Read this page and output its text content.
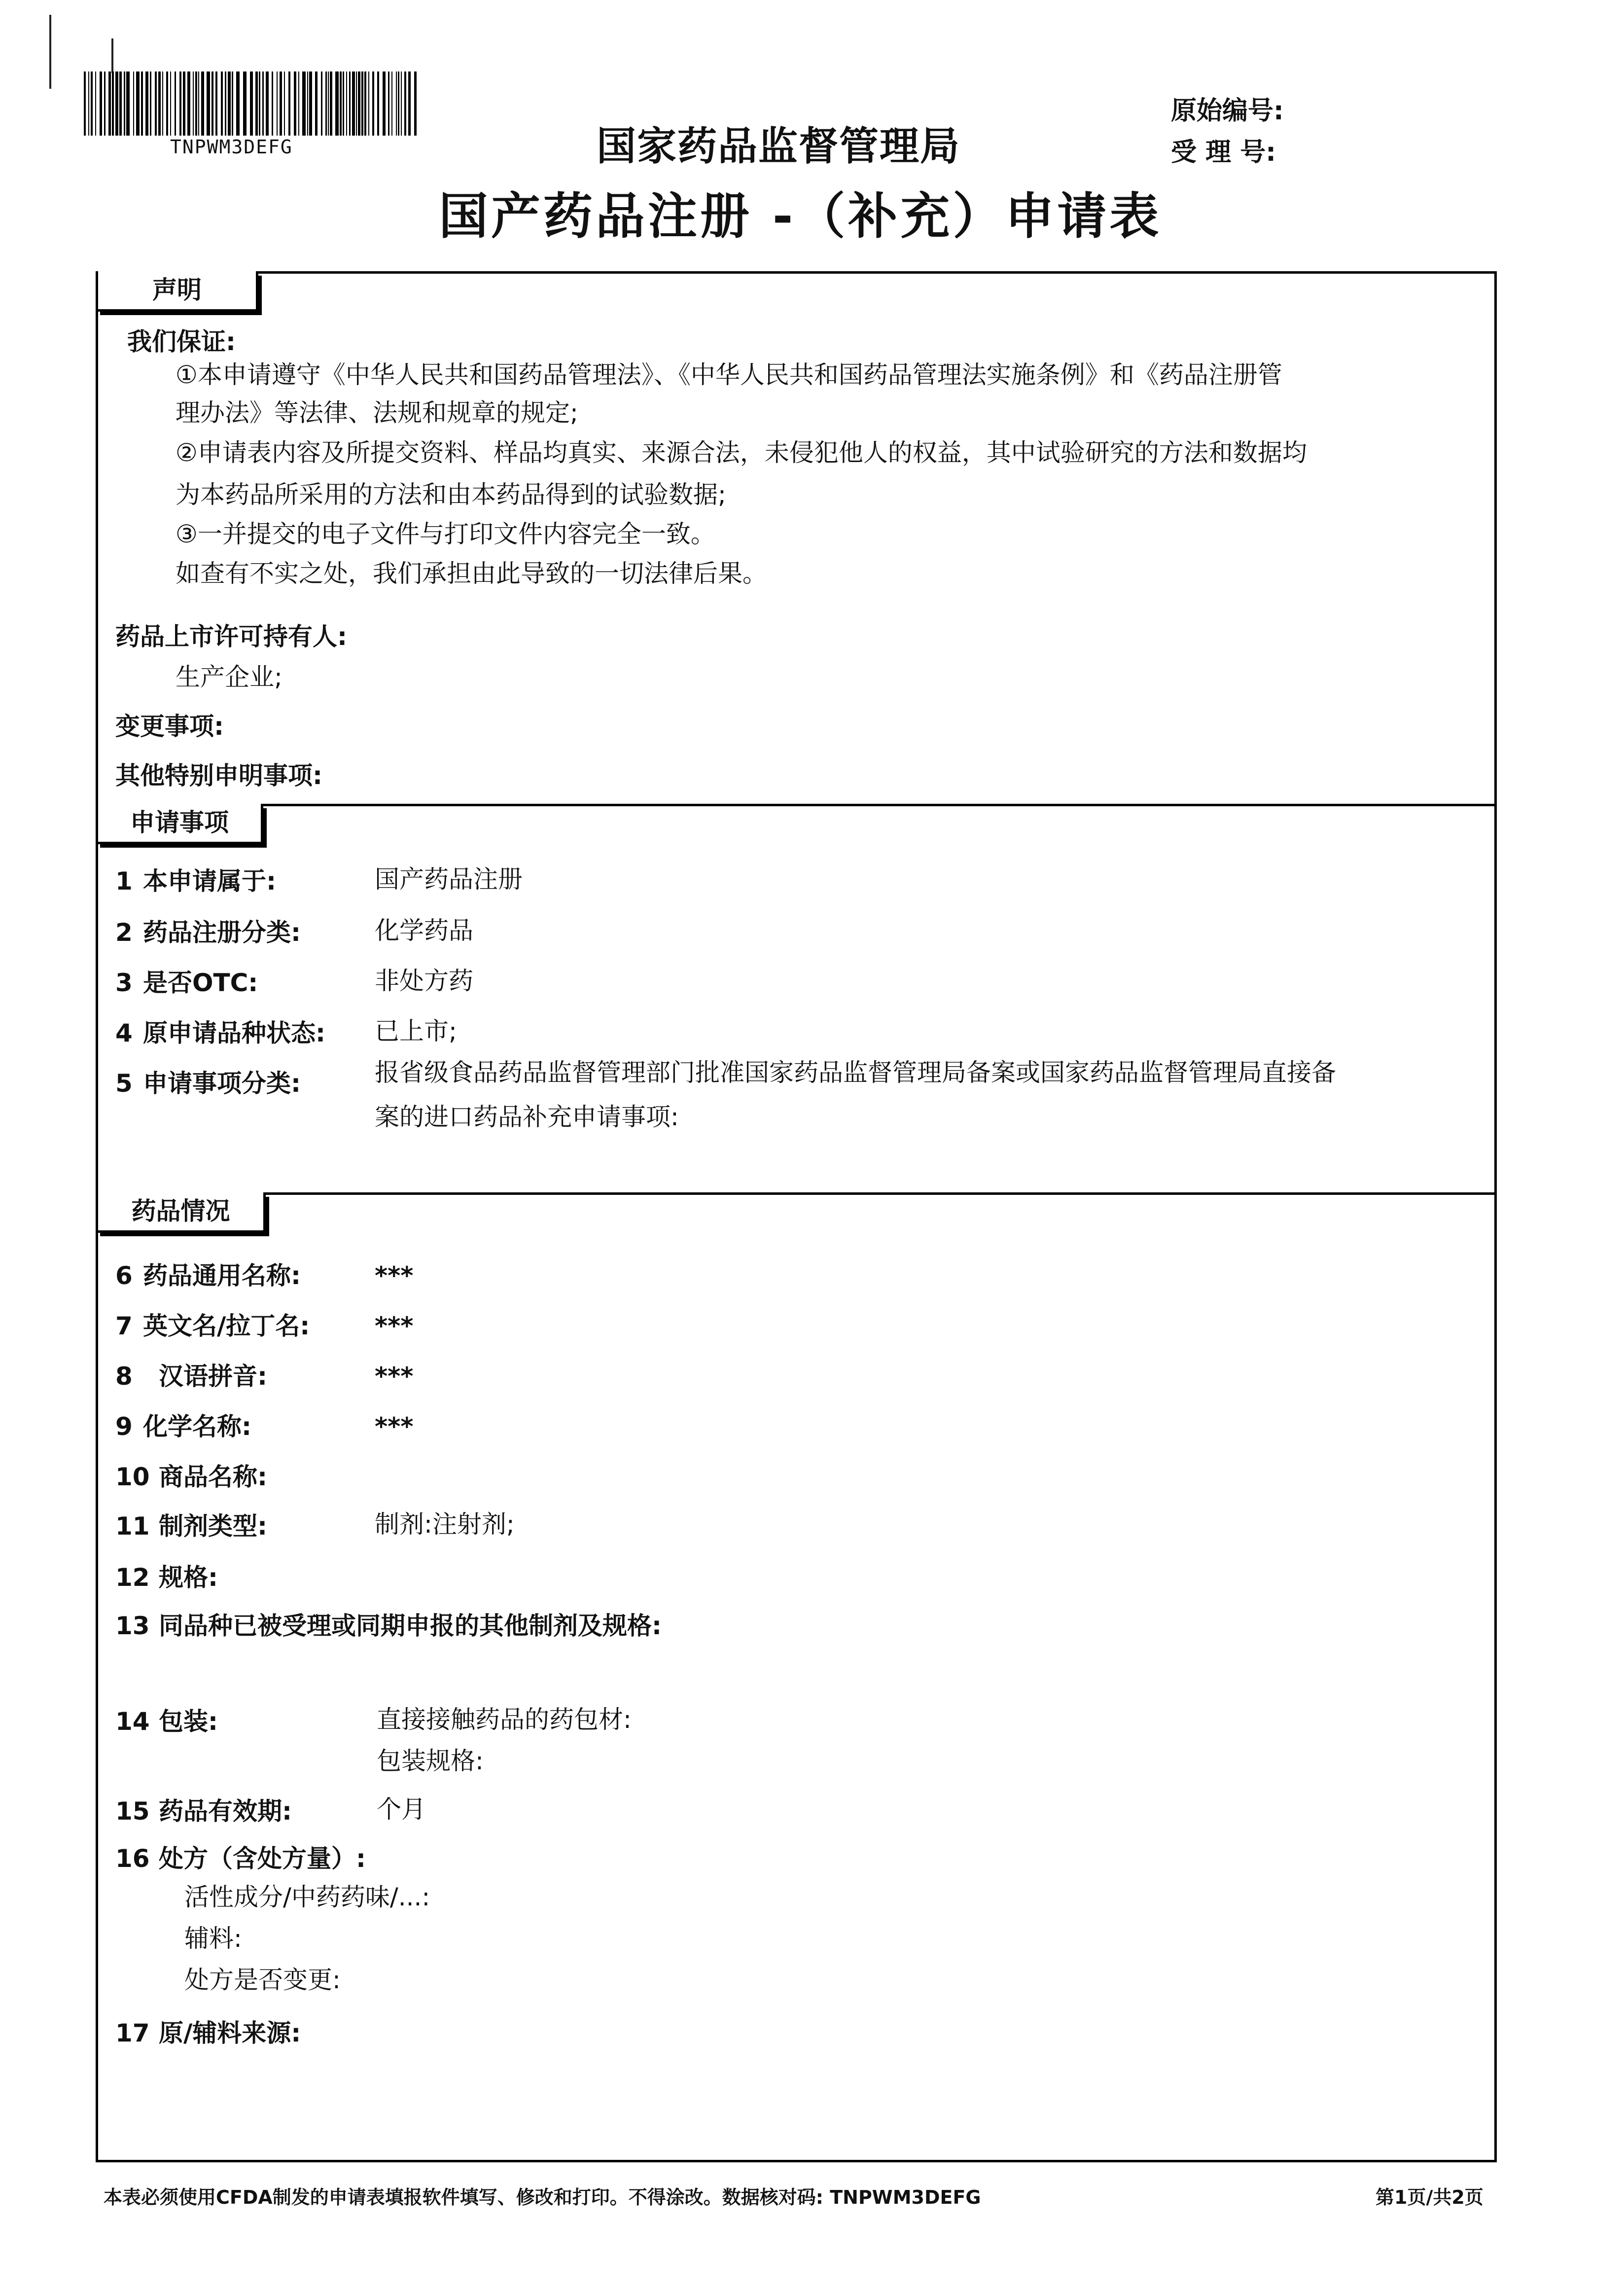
TNPWM3DEFG	国家药品监督管理局
国产药品注册 -（补充）申请表
原始编号:
受 理 号:
声明
我们保证:
①本申请遵守《中华人民共和国药品管理法》、《中华人民共和国药品管理法实施条例》和《药品注册管
理办法》等法律、法规和规章的规定;
②申请表内容及所提交资料、样品均真实、来源合法，未侵犯他人的权益，其中试验研究的方法和数据均
为本药品所采用的方法和由本药品得到的试验数据;
③一并提交的电子文件与打印文件内容完全一致。
如查有不实之处，我们承担由此导致的一切法律后果。
药品上市许可持有人:
生产企业;
变更事项:
其他特别申明事项:
申请事项
1 本申请属于:	国产药品注册
2 药品注册分类:	化学药品
3 是否OTC:	非处方药
4 原申请品种状态: 已上市;
5 申请事项分类:	报省级食品药品监督管理部门批准国家药品监督管理局备案或国家药品监督管理局直接备
案的进口药品补充申请事项:
药品情况
6 药品通用名称:	***
7 英文名/拉丁名:	***
8 汉语拼音:	***
9 化学名称:	***
10 商品名称:
11 制剂类型:	制剂:注射剂;
12 规格:
13 同品种已被受理或同期申报的其他制剂及规格:
14 包装:	直接接触药品的药包材:
包装规格:
15 药品有效期:	个月
16 处方（含处方量）:
活性成分/中药药味/...:
辅料:
处方是否变更:
17 原/辅料来源:
本表必须使用CFDA制发的申请表填报软件填写、修改和打印。不得涂改。数据核对码: TNPWM3DEFG	第1页/共2页
